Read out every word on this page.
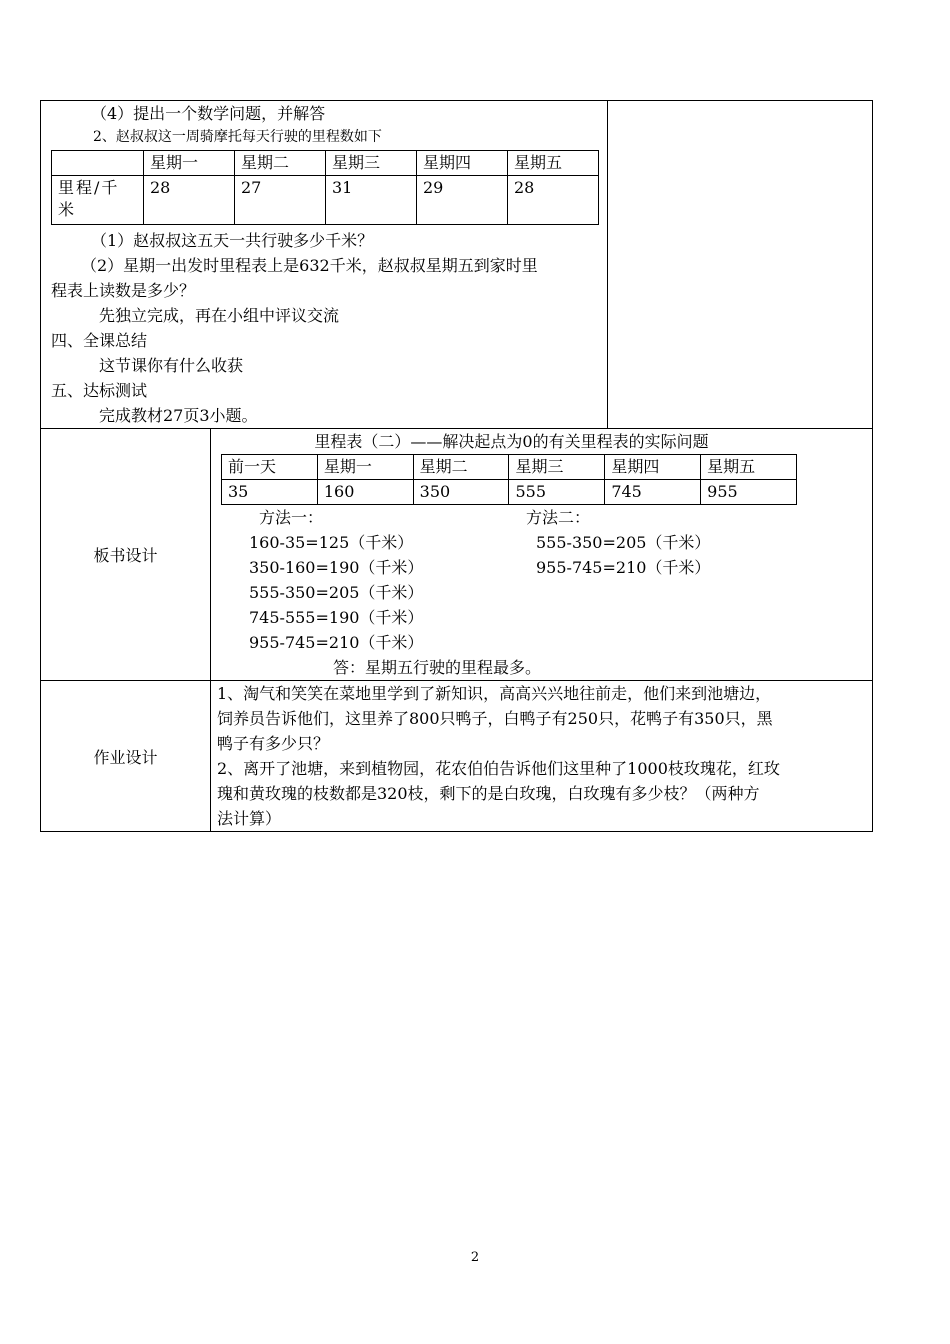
（4）提出一个数学问题，并解答
2、赵叔叔这一周骑摩托每天行驶的里程数如下
	星期一	星期二	星期三	星期四	星期五
里程/千米	28	27	31	29	28
（1）赵叔叔这五天一共行驶多少千米？
（2）星期一出发时里程表上是632千米，赵叔叔星期五到家时里
程表上读数是多少？
先独立完成，再在小组中评议交流
四、全课总结
这节课你有什么收获
五、达标测试
完成教材27页3小题。

板书设计	
里程表（二）——解决起点为0的有关里程表的实际问题
前一天	星期一	星期二	星期三	星期四	星期五
35	160	350	555	745	955
方法一：
160-35=125（千米）
350-160=190（千米）
555-350=205（千米）
745-555=190（千米）
955-745=210（千米）
方法二：
555-350=205（千米）
955-745=210（千米）
答：星期五行驶的里程最多。

作业设计	
1、淘气和笑笑在菜地里学到了新知识，高高兴兴地往前走，他们来到池塘边，
饲养员告诉他们，这里养了800只鸭子，白鸭子有250只，花鸭子有350只，黑
鸭子有多少只？
2、离开了池塘，来到植物园，花农伯伯告诉他们这里种了1000枝玫瑰花，红玫
瑰和黄玫瑰的枝数都是320枝，剩下的是白玫瑰，白玫瑰有多少枝？（两种方
法计算）
2
